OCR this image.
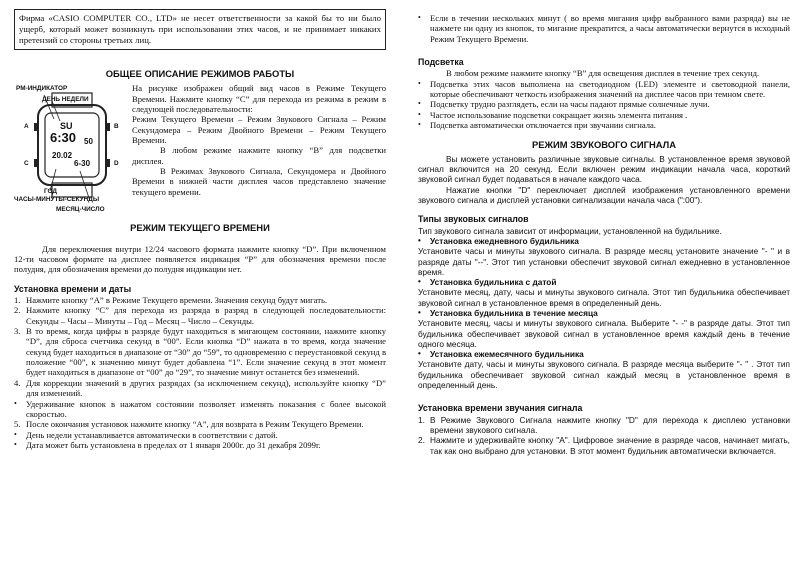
Фирма «CASIO COMPUTER CO., LTD» не несет ответственности за какой бы то ни было ущерб, который может возникнуть при использовании этих часов, и не принимает никаких претензий со стороны третьих лиц.

ОБЩЕЕ ОПИСАНИЕ РЕЖИМОВ РАБОТЫ
PM-ИНДИКАТОР
ДЕНЬ НЕДЕЛИ
A
C
B
D
SU
6:30 50
20.02
6-30
ГОД
ЧАСЫ-МИНУТЫ-СЕКУНДЫ
МЕСЯЦ-ЧИСЛО

На рисунке изображен общий вид часов в Режиме Текущего Времени. Нажмите кнопку “C” для перехода из режима в режим в следующей последовательности:

Режим Текущего Времени – Режим Звукового Сигнала – Режим Секундомера – Режим Двойного Времени – Режим Текущего Времени.

В любом режиме нажмите кнопку “B” для подсветки дисплея.

В Режимах Звукового Сигнала, Секундомера и Двойного Времени в нижней части дисплея часов представлено значение текущего времени.

РЕЖИМ ТЕКУЩЕГО ВРЕМЕНИ

Для переключения внутри 12/24 часового формата нажмите кнопку “D”. При включенном 12-ти часовом формате на дисплее появляется индикация “P” для обозначения времени после полудня, для обозначения времени до полудня индикации нет.

Установка времени и даты
1. Нажмите кнопку “A” в Режиме Текущего времени. Значения секунд будут мигать.
2. Нажмите кнопку “C” для перехода из разряда в разряд в следующей последовательности: Секунды – Часы – Минуты – Год – Месяц – Число – Секунды.
3. В то время, когда цифры в разряде будут находиться в мигающем состоянии, нажмите кнопку “D”, для сброса счетчика секунд в “00”. Если кнопка “D” нажата в то время, когда значение секунд будет находиться в диапазоне от “30” до “59”, то одновременно с переустановкой секунд в положение “00”, к значению минут будет добавлена “1”. Если значение секунд в этот момент будет находиться в диапазоне от “00” до “29”, то значение минут останется без изменений.
4. Для коррекции значений в других разрядах (за исключением секунд), используйте кнопку “D” для изменений.
•	Удерживание кнопок в нажатом состоянии позволяет изменять показания с более высокой скоростью.
5. После окончания установок нажмите кнопку “A”, для возврата в Режим Текущего Времени.
•	День недели устанавливается автоматически в соответствии с датой.
•	Дата может быть установлена в пределах от 1 января 2000г. до 31 декабря 2099г.
•	Если в течении нескольких минут ( во время мигания цифр выбранного вами разряда) вы не нажмете ни одну из кнопок, то мигание прекратится, а часы автоматически вернутся в исходный Режим Текущего Времени.
Подсветка

В любом режиме нажмите кнопку “B” для освещения дисплея в течение трех секунд.

•	Подсветка этих часов выполнена на светодиодном (LED) элементе и световодной панели, которые обеспечивают четкость изображения значений на дисплее часов при темном свете.
•	Подсветку трудно разглядеть, если на часы падают прямые солнечные лучи.
•	Частое использование подсветки сокращает жизнь элемента питания .
•	Подсветка автоматически отключается при звучании сигнала.
РЕЖИМ ЗВУКОВОГО СИГНАЛА

Вы можете установить различные звуковые сигналы. В установленное время звуковой сигнал включится на 20 секунд. Если включен режим индикации начала часа, короткий звуковой сигнал будет подаваться в начале каждого часа.

Нажатие кнопки "D" переключает дисплей изображения установленного времени звукового сигнала и дисплей установки сигнализации начала часа (":00").

Типы звуковых сигналов

Тип звукового сигнала зависит от информации, установленной на будильнике.

•	Установка ежедневного будильника

Установите часы и минуты звукового сигнала. В разряде месяц установите значение "- " и в разряде даты "--". Этот тип установки обеспечит звуковой сигнал ежедневно в установленное время.

•	Установка будильника с датой

Установите месяц, дату, часы и минуты звукового сигнала. Этот тип будильника обеспечивает звуковой сигнал в установленное время в определенный день.

•	Установка будильника в течение месяца

Установите месяц, часы и минуты звукового сигнала. Выберите "- -" в разряде даты. Этот тип будильника обеспечивает звуковой сигнал в установленное время каждый день в течение одного месяца.

•	Установка ежемесячного будильника

Установите дату, часы и минуты звукового сигнала. В разряде месяца выберите "- " . Этот тип будильника обеспечивает звуковой сигнал каждый месяц в установленное время в определенный день.

Установка времени звучания сигнала
1. В Режиме Звукового Сигнала нажмите кнопку "D" для перехода к дисплею установки времени звукового сигнала.
2. Нажмите и удерживайте кнопку "A". Цифровое значение в разряде часов, начинает мигать, так как оно выбрано для установки. В этот момент будильник автоматически включается.
